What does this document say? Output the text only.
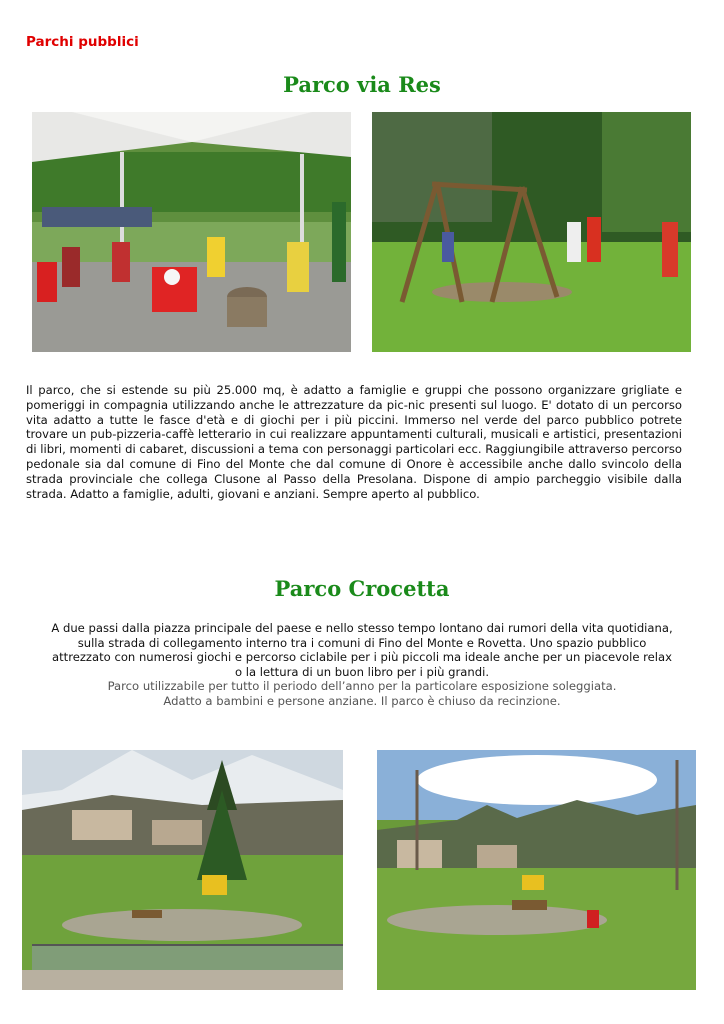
Parchi pubblici
Parco via Res
Il parco, che si estende su più 25.000 mq, è adatto a famiglie e gruppi che possono organizzare grigliate e pomeriggi in compagnia utilizzando anche le attrezzature da pic-nic presenti sul luogo. E' dotato di un percorso vita adatto a tutte le fasce d'età e di giochi per i più piccini. Immerso nel verde del parco pubblico potrete trovare un pub-pizzeria-caffè letterario in cui realizzare appuntamenti culturali, musicali e artistici, presentazioni di libri, momenti di cabaret, discussioni a tema con personaggi particolari ecc. Raggiungibile attraverso percorso pedonale sia dal comune di Fino del Monte che dal comune di Onore è accessibile anche dallo svincolo della strada provinciale che collega Clusone al Passo della Presolana. Dispone di ampio parcheggio visibile dalla strada. Adatto a famiglie, adulti, giovani e anziani. Sempre aperto al pubblico.
Parco Crocetta
A due passi dalla piazza principale del paese e nello stesso tempo lontano dai rumori della vita quotidiana,
sulla strada di collegamento interno tra i comuni di Fino del Monte e Rovetta. Uno spazio pubblico
attrezzato con numerosi giochi e percorso ciclabile per i più piccoli ma ideale anche per un piacevole relax
o la lettura di un buon libro per i più grandi.
Parco utilizzabile per tutto il periodo dell’anno per la particolare esposizione soleggiata.
Adatto a bambini e persone anziane. Il parco è chiuso da recinzione.
